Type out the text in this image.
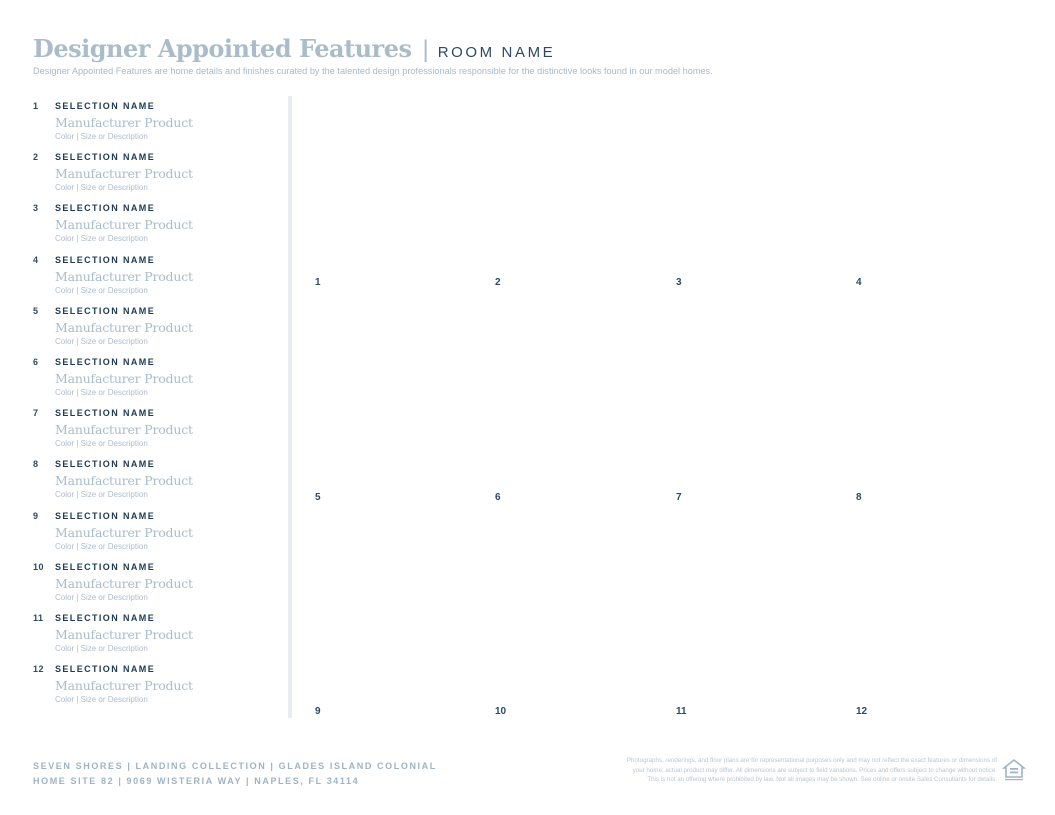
Designer Appointed Features | ROOM NAME
Designer Appointed Features are home details and finishes curated by the talented design professionals responsible for the distinctive looks found in our model homes.
1	SELECTION NAME
Manufacturer Product
Color | Size or Description
2	SELECTION NAME
Manufacturer Product
Color | Size or Description
3	SELECTION NAME
Manufacturer Product
Color | Size or Description
4	SELECTION NAME
Manufacturer Product
Color | Size or Description
5	SELECTION NAME
Manufacturer Product
Color | Size or Description
6	SELECTION NAME
Manufacturer Product
Color | Size or Description
7	SELECTION NAME
Manufacturer Product
Color | Size or Description
8	SELECTION NAME
Manufacturer Product
Color | Size or Description
9	SELECTION NAME
Manufacturer Product
Color | Size or Description
10	SELECTION NAME
Manufacturer Product
Color | Size or Description
11	SELECTION NAME
Manufacturer Product
Color | Size or Description
12	SELECTION NAME
Manufacturer Product
Color | Size or Description
1	2	3	4
5	6	7	8
9	10	11	12
SEVEN SHORES | LANDING COLLECTION | GLADES ISLAND COLONIAL
HOME SITE 82 | 9069 WISTERIA WAY | NAPLES, FL 34114
Photographs, renderings, and floor plans are for representational purposes only and may not reflect the exact features or dimensions of
your home; actual product may differ. All dimensions are subject to field variations. Prices and offers subject to change without notice.
This is not an offering where prohibited by law. Not all images may be shown. See online or onsite Sales Consultants for details.
